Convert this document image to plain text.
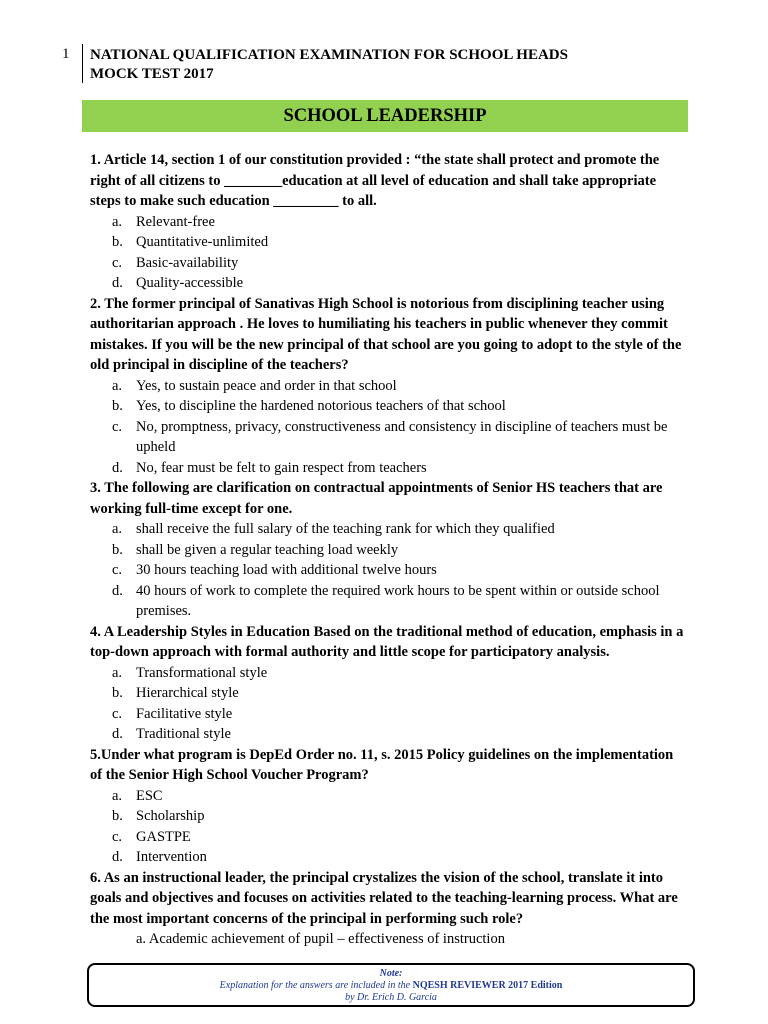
1 NATIONAL QUALIFICATION EXAMINATION FOR SCHOOL HEADS
MOCK TEST 2017
SCHOOL LEADERSHIP

1. Article 14, section 1 of our constitution provided : “the state shall protect and promote the right of all citizens to ________education at all level of education and shall take appropriate steps to make such education _________ to all.

a. Relevant-free
b. Quantitative-unlimited
c. Basic-availability
d. Quality-accessible

2. The former principal of Sanativas High School is notorious from disciplining teacher using authoritarian approach . He loves to humiliating his teachers in public whenever they commit mistakes. If you will be the new principal of that school are you going to adopt to the style of the old principal in discipline of the teachers?

a. Yes, to sustain peace and order in that school
b. Yes, to discipline the hardened notorious teachers of that school
c. No, promptness, privacy, constructiveness and consistency in discipline of teachers must be upheld
d. No, fear must be felt to gain respect from teachers

3. The following are clarification on contractual appointments of Senior HS teachers that are working full-time except for one.

a. shall receive the full salary of the teaching rank for which they qualified
b. shall be given a regular teaching load weekly
c. 30 hours teaching load with additional twelve hours
d. 40 hours of work to complete the required work hours to be spent within or outside school premises.

4. A Leadership Styles in Education Based on the traditional method of education, emphasis in a top-down approach with formal authority and little scope for participatory analysis.

a. Transformational style
b. Hierarchical style
c. Facilitative style
d. Traditional style

5.Under what program is DepEd Order no. 11, s. 2015 Policy guidelines on the implementation of the Senior High School Voucher Program?

a. ESC
b. Scholarship
c. GASTPE
d. Intervention

6. As an instructional leader, the principal crystalizes the vision of the school, translate it into goals and objectives and focuses on activities related to the teaching-learning process. What are the most important concerns of the principal in performing such role?

a. Academic achievement of pupil – effectiveness of instruction
Note:
Explanation for the answers are included in the NQESH REVIEWER 2017 Edition
by Dr. Erich D. Garcia
